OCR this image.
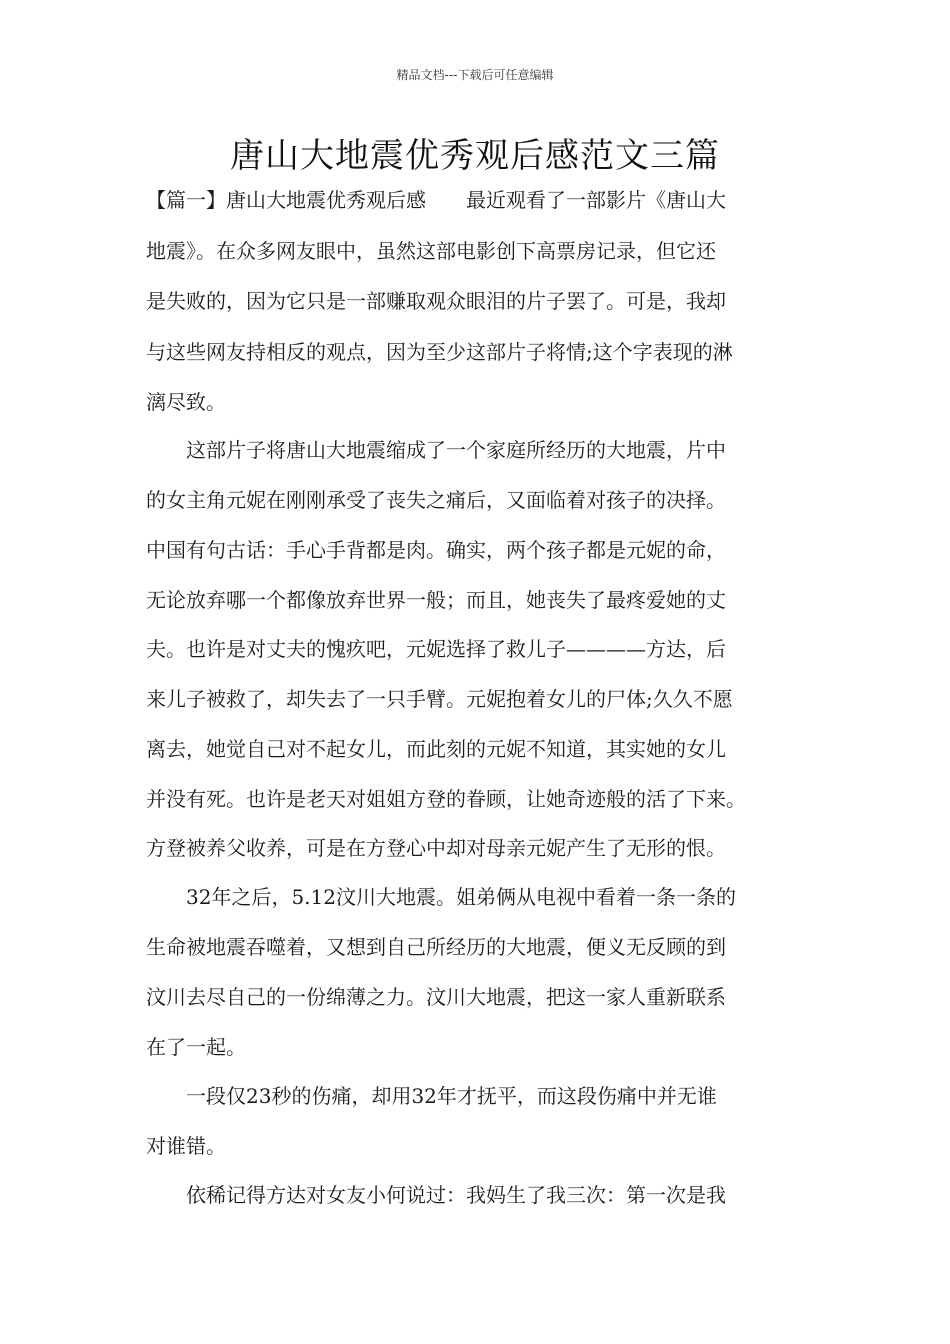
精品文档---下载后可任意编辑
唐山大地震优秀观后感范文三篇
【篇一】唐山大地震优秀观后感　　最近观看了一部影片《唐山大
地震》。在众多网友眼中，虽然这部电影创下高票房记录，但它还
是失败的，因为它只是一部赚取观众眼泪的片子罢了。可是，我却
与这些网友持相反的观点，因为至少这部片子将情;这个字表现的淋
漓尽致。
　　这部片子将唐山大地震缩成了一个家庭所经历的大地震，片中
的女主角元妮在刚刚承受了丧失之痛后，又面临着对孩子的决择。
中国有句古话：手心手背都是肉。确实，两个孩子都是元妮的命，
无论放弃哪一个都像放弃世界一般；而且，她丧失了最疼爱她的丈
夫。也许是对丈夫的愧疚吧，元妮选择了救儿子————方达，后
来儿子被救了，却失去了一只手臂。元妮抱着女儿的尸体;久久不愿
离去，她觉自己对不起女儿，而此刻的元妮不知道，其实她的女儿
并没有死。也许是老天对姐姐方登的眷顾，让她奇迹般的活了下来。
方登被养父收养，可是在方登心中却对母亲元妮产生了无形的恨。
　　32年之后，5.12汶川大地震。姐弟俩从电视中看着一条一条的
生命被地震吞噬着，又想到自己所经历的大地震，便义无反顾的到
汶川去尽自己的一份绵薄之力。汶川大地震，把这一家人重新联系
在了一起。
　　一段仅23秒的伤痛，却用32年才抚平，而这段伤痛中并无谁
对谁错。
　　依稀记得方达对女友小何说过：我妈生了我三次：第一次是我
